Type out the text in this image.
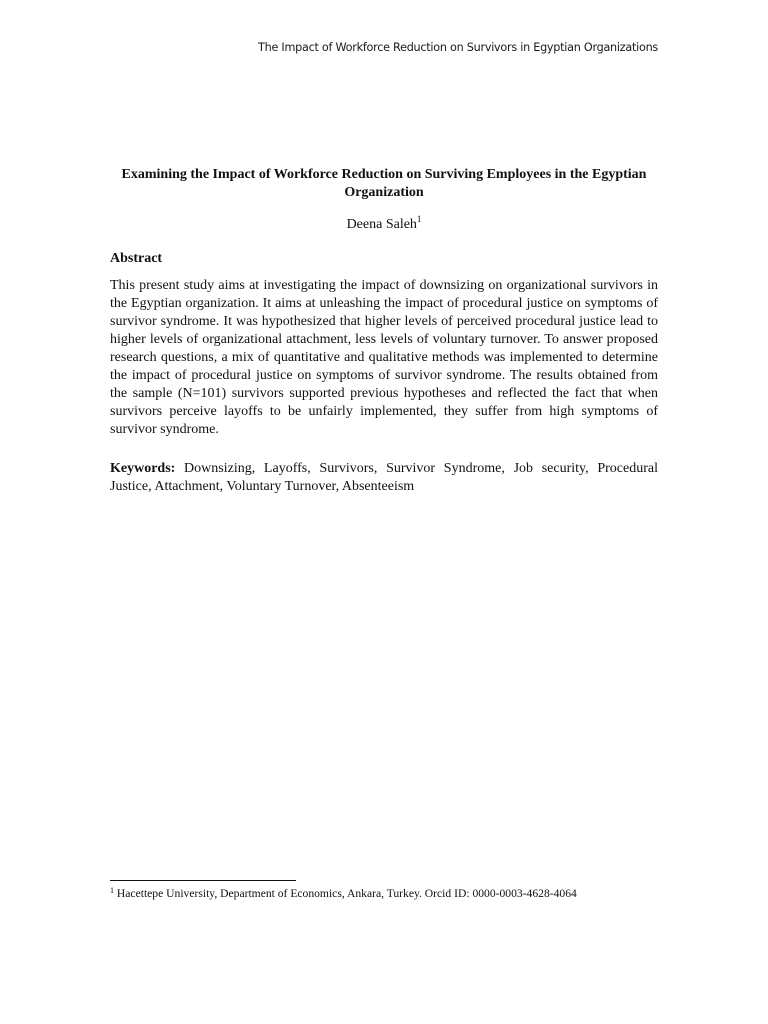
The Impact of Workforce Reduction on Survivors in Egyptian Organizations
Examining the Impact of Workforce Reduction on Surviving Employees in the Egyptian Organization
Deena Saleh$^1$
Abstract

This present study aims at investigating the impact of downsizing on organizational survivors in the Egyptian organization. It aims at unleashing the impact of procedural justice on symptoms of survivor syndrome. It was hypothesized that higher levels of perceived procedural justice lead to higher levels of organizational attachment, less levels of voluntary turnover. To answer proposed research questions, a mix of quantitative and qualitative methods was implemented to determine the impact of procedural justice on symptoms of survivor syndrome. The results obtained from the sample (N=101) survivors supported previous hypotheses and reflected the fact that when survivors perceive layoffs to be unfairly implemented, they suffer from high symptoms of survivor syndrome.

Keywords: Downsizing, Layoffs, Survivors, Survivor Syndrome, Job security, Procedural Justice, Attachment, Voluntary Turnover, Absenteeism

$^1$ Hacettepe University, Department of Economics, Ankara, Turkey. Orcid ID: 0000-0003-4628-4064
